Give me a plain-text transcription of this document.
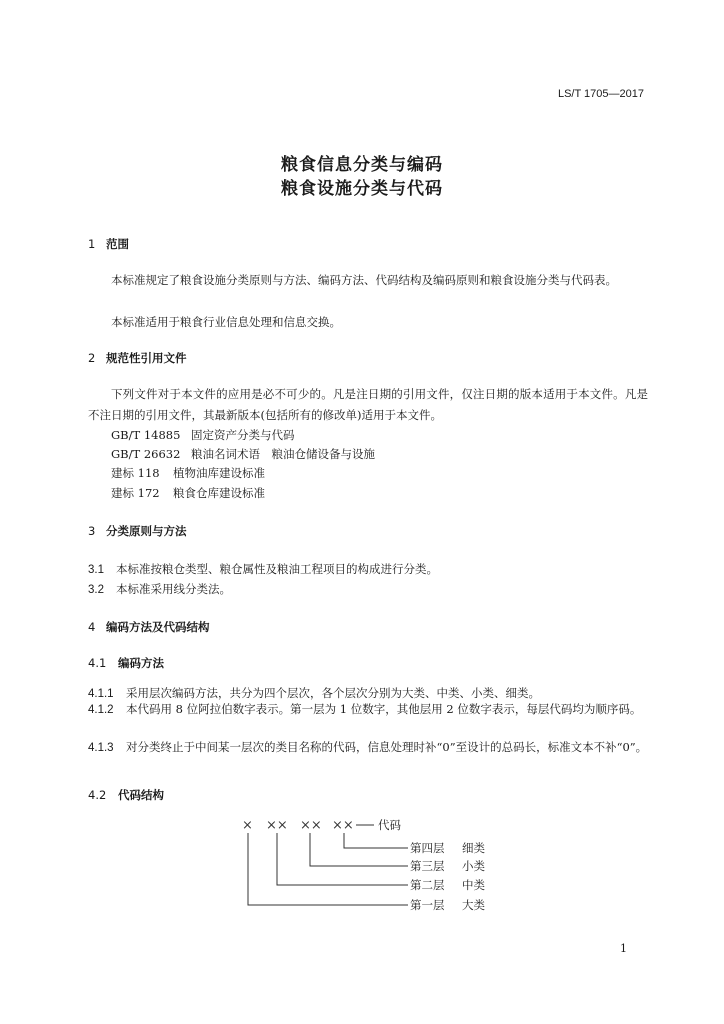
LS/T 1705—2017
粮食信息分类与编码
粮食设施分类与代码
1 范围
本标准规定了粮食设施分类原则与方法、编码方法、代码结构及编码原则和粮食设施分类与代码表。
本标准适用于粮食行业信息处理和信息交换。
2 规范性引用文件
下列文件对于本文件的应用是必不可少的。凡是注日期的引用文件，仅注日期的版本适用于本文件。凡是不注日期的引用文件，其最新版本(包括所有的修改单)适用于本文件。
GB/T 14885 固定资产分类与代码
GB/T 26632 粮油名词术语　粮油仓储设备与设施
建标 118 植物油库建设标准
建标 172 粮食仓库建设标准
3 分类原则与方法
3.1 本标准按粮仓类型、粮仓属性及粮油工程项目的构成进行分类。
3.2 本标准采用线分类法。
4 编码方法及代码结构
4.1 编码方法
4.1.1 采用层次编码方法，共分为四个层次，各个层次分别为大类、中类、小类、细类。
4.1.2 本代码用 8 位阿拉伯数字表示。第一层为 1 位数字，其他层用 2 位数字表示，每层代码均为顺序码。
4.1.3 对分类终止于中间某一层次的类目名称的代码，信息处理时补“0”至设计的总码长，标准文本不补“0”。
4.2 代码结构
× ×× ×× ×× 代码
第四层 细类
第三层 小类
第二层 中类
第一层 大类
1
